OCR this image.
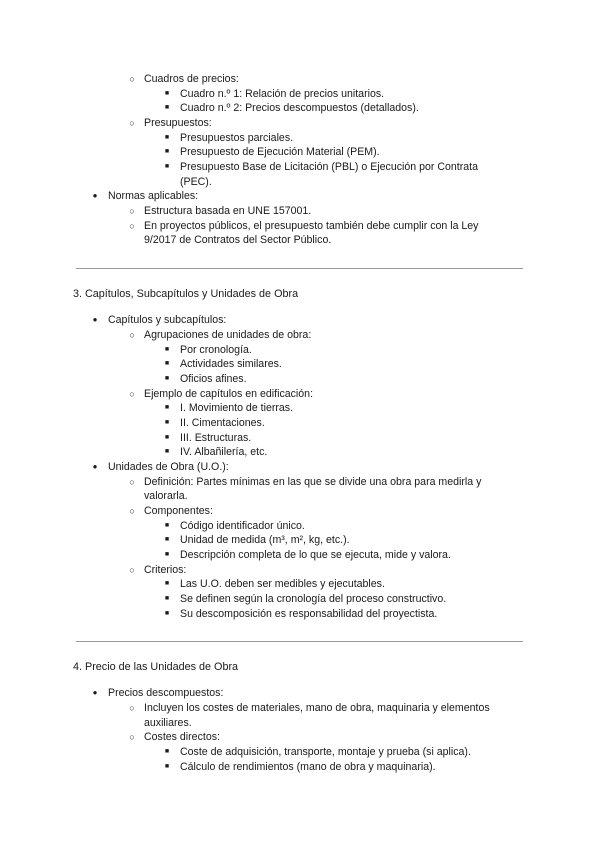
○ Cuadros de precios:
■	Cuadro n.º 1: Relación de precios unitarios.
■	Cuadro n.º 2: Precios descompuestos (detallados).
○ Presupuestos:
■	Presupuestos parciales.
■	Presupuesto de Ejecución Material (PEM).
■	Presupuesto Base de Licitación (PBL) o Ejecución por Contrata
(PEC).
● Normas aplicables:
○ Estructura basada en UNE 157001.
○ En proyectos públicos, el presupuesto también debe cumplir con la Ley
9/2017 de Contratos del Sector Público.
3. Capítulos, Subcapítulos y Unidades de Obra
● Capítulos y subcapítulos:
○ Agrupaciones de unidades de obra:
■	Por cronología.
■	Actividades similares.
■	Oficios afines.
○ Ejemplo de capítulos en edificación:
■	I. Movimiento de tierras.
■	II. Cimentaciones.
■	III. Estructuras.
■	IV. Albañilería, etc.
● Unidades de Obra (U.O.):
○ Definición: Partes mínimas en las que se divide una obra para medirla y
valorarla.
○ Componentes:
■	Código identificador único.
■	Unidad de medida (m³, m², kg, etc.).
■	Descripción completa de lo que se ejecuta, mide y valora.
○ Criterios:
■	Las U.O. deben ser medibles y ejecutables.
■	Se definen según la cronología del proceso constructivo.
■	Su descomposición es responsabilidad del proyectista.
4. Precio de las Unidades de Obra
● Precios descompuestos:
○ Incluyen los costes de materiales, mano de obra, maquinaria y elementos
auxiliares.
○ Costes directos:
■	Coste de adquisición, transporte, montaje y prueba (si aplica).
■	Cálculo de rendimientos (mano de obra y maquinaria).
